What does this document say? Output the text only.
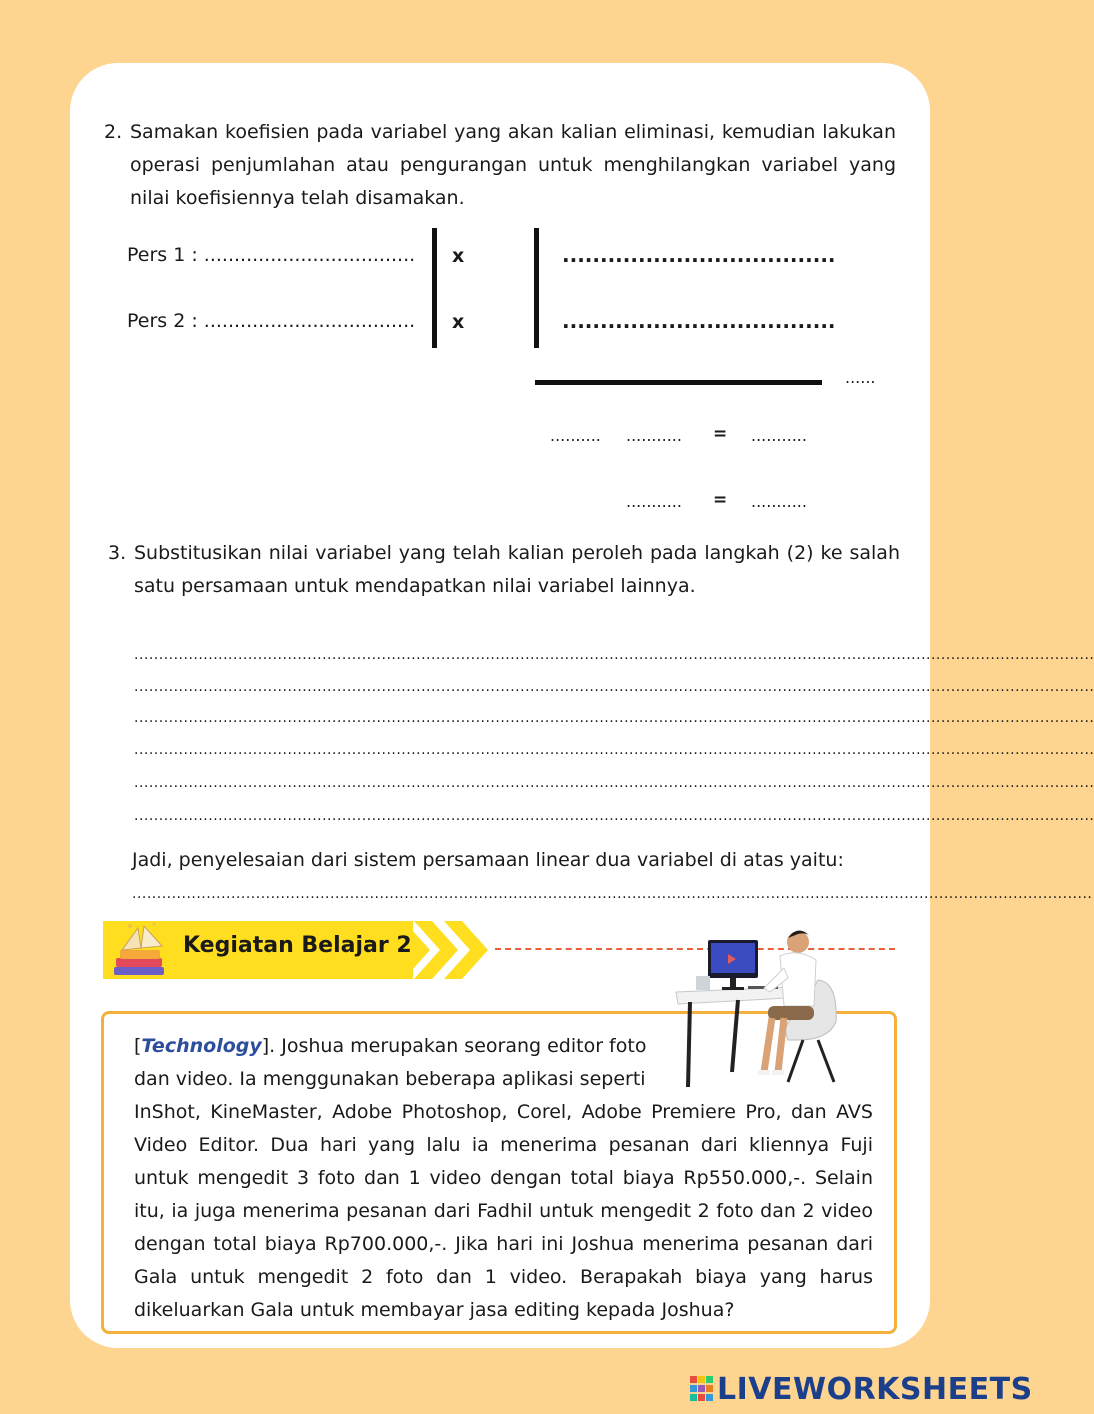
2. Samakan koefisien pada variabel yang akan kalian eliminasi, kemudian lakukan operasi penjumlahan atau pengurangan untuk menghilangkan variabel yang nilai koefisiennya telah disamakan.

Pers 1 : ...................................
Pers 2 : ...................................
x
x
....................................
....................................
......
.......... ........... = ...........
........... = ...........
3. Substitusikan nilai variabel yang telah kalian peroleh pada langkah (2) ke salah satu persamaan untuk mendapatkan nilai variabel lainnya.

..................................................................................................................................................................................................
..................................................................................................................................................................................................
..................................................................................................................................................................................................
..................................................................................................................................................................................................
..................................................................................................................................................................................................
..................................................................................................................................................................................................
Jadi, penyelesaian dari sistem persamaan linear dua variabel di atas yaitu:
..................................................................................................................................................................................................
Kegiatan Belajar 2
[Technology]. Joshua merupakan seorang editor foto
dan video. Ia menggunakan beberapa aplikasi seperti

InShot, KineMaster, Adobe Photoshop, Corel, Adobe Premiere Pro, dan AVS Video Editor. Dua hari yang lalu ia menerima pesanan dari kliennya Fuji untuk mengedit 3 foto dan 1 video dengan total biaya Rp550.000,-. Selain itu, ia juga menerima pesanan dari Fadhil untuk mengedit 2 foto dan 2 video dengan total biaya Rp700.000,-. Jika hari ini Joshua menerima pesanan dari Gala untuk mengedit 2 foto dan 1 video. Berapakah biaya yang harus dikeluarkan Gala untuk membayar jasa editing kepada Joshua?

LIVEWORKSHEETS
